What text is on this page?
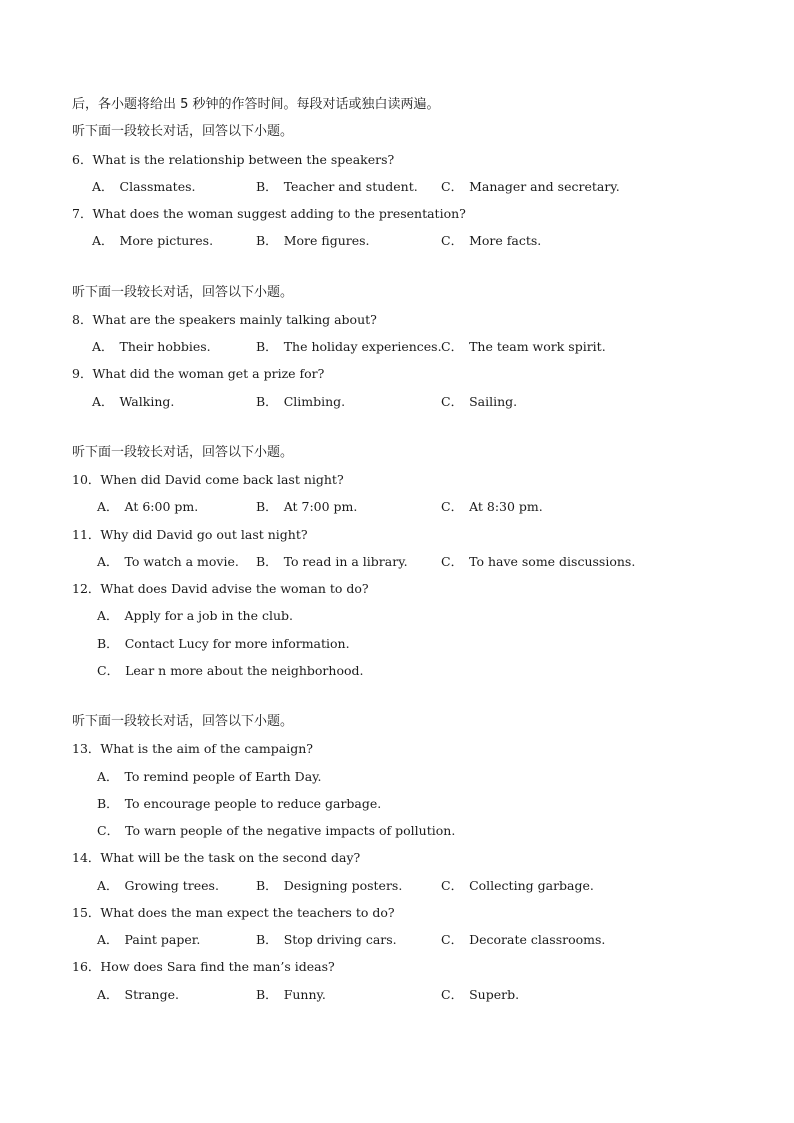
后，各小题将给出 5 秒钟的作答时间。每段对话或独白读两遍。
听下面一段较长对话，回答以下小题。
6．What is the relationship between the speakers?
A． Classmates.	B． Teacher and student. C． Manager and secretary.
7．What does the woman suggest adding to the presentation?
A． More pictures.	B． More figures.	C． More facts.
听下面一段较长对话，回答以下小题。
8．What are the speakers mainly talking about?
A． Their hobbies.	B． The holiday experiences. C． The team work spirit.
9．What did the woman get a prize for?
A． Walking.	B． Climbing.	C． Sailing.
听下面一段较长对话，回答以下小题。
10．When did David come back last night?
A． At 6:00 pm.	B． At 7:00 pm.	C． At 8:30 pm.
11．Why did David go out last night?
A． To watch a movie. B． To read in a library.	C． To have some discussions.
12．What does David advise the woman to do?
A． Apply for a job in the club.
B． Contact Lucy for more information.
C． Lear n more about the neighborhood.
听下面一段较长对话，回答以下小题。
13．What is the aim of the campaign?
A． To remind people of Earth Day.
B． To encourage people to reduce garbage.
C． To warn people of the negative impacts of pollution.
14．What will be the task on the second day?
A． Growing trees.	B． Designing posters.	C． Collecting garbage.
15．What does the man expect the teachers to do?
A． Paint paper.	B． Stop driving cars.	C． Decorate classrooms.
16．How does Sara find the man’s ideas?
A． Strange.	B． Funny.	C． Superb.
